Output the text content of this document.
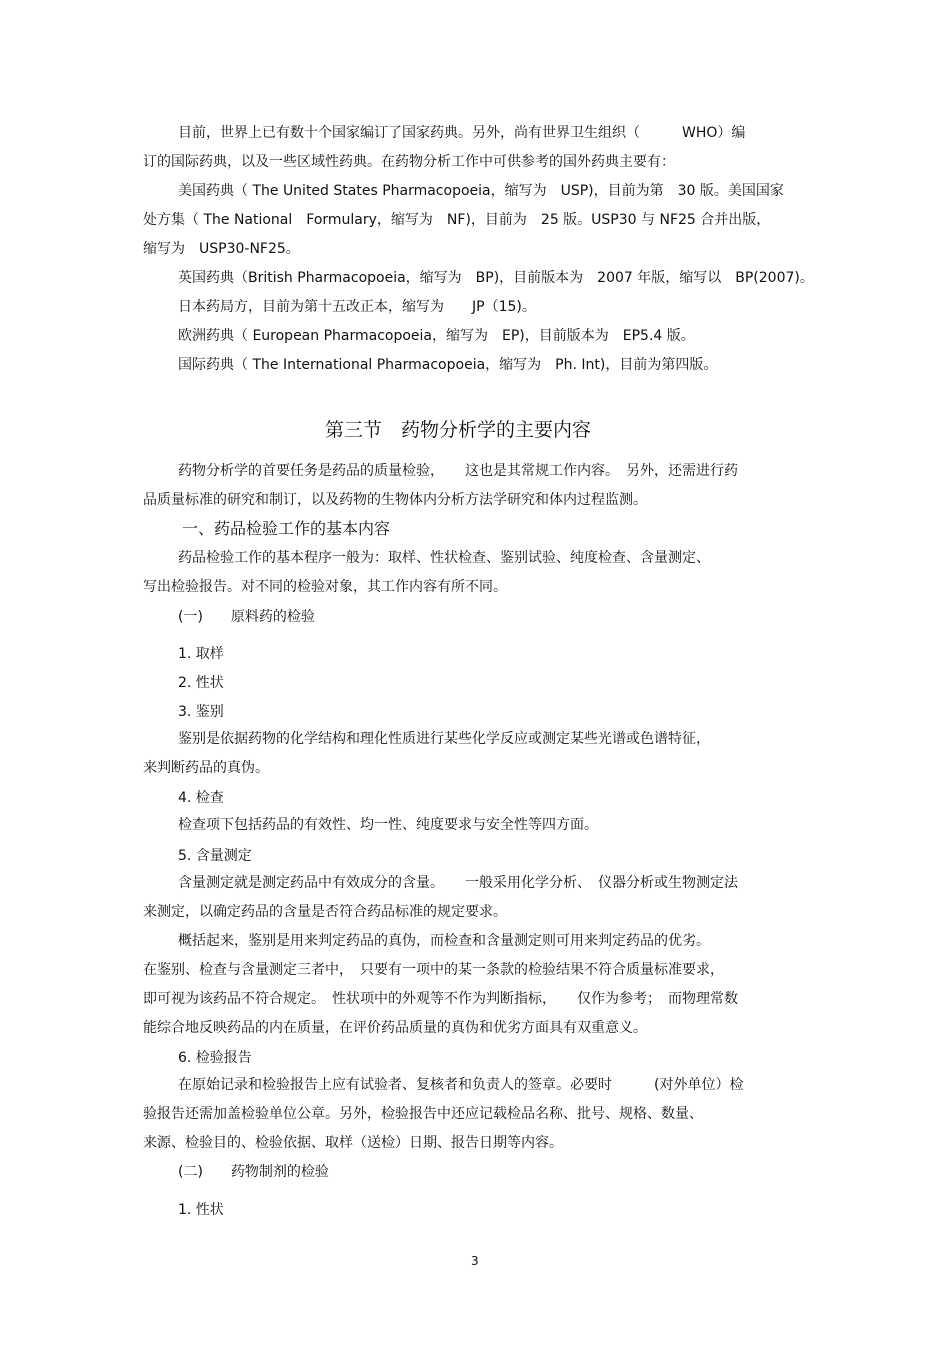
目前，世界上已有数十个国家编订了国家药典。另外，尚有世界卫生组织（　　　WHO）编
订的国际药典，以及一些区域性药典。在药物分析工作中可供参考的国外药典主要有：
美国药典（ The United States Pharmacopoeia，缩写为　USP)，目前为第　30 版。美国国家
处方集（ The National　Formulary，缩写为　NF)，目前为　25 版。USP30 与 NF25 合并出版，
缩写为　USP30-NF25。
英国药典（British Pharmacopoeia，缩写为　BP)，目前版本为　2007 年版，缩写以　BP(2007)。
日本药局方，目前为第十五改正本，缩写为　　JP（15)。
欧洲药典（ European Pharmacopoeia，缩写为　EP)，目前版本为　EP5.4 版。
国际药典（ The International Pharmacopoeia，缩写为　Ph. Int)，目前为第四版。
第三节　药物分析学的主要内容
药物分析学的首要任务是药品的质量检验，　　这也是其常规工作内容。　另外，还需进行药
品质量标准的研究和制订，以及药物的生物体内分析方法学研究和体内过程监测。
一、药品检验工作的基本内容
药品检验工作的基本程序一般为：取样、性状检查、鉴别试验、纯度检查、含量测定、
写出检验报告。对不同的检验对象，其工作内容有所不同。
(一)　　原料药的检验
1. 取样
2. 性状
3. 鉴别
鉴别是依据药物的化学结构和理化性质进行某些化学反应或测定某些光谱或色谱特征，
来判断药品的真伪。
4. 检查
检查项下包括药品的有效性、均一性、纯度要求与安全性等四方面。
5. 含量测定
含量测定就是测定药品中有效成分的含量。　　一般采用化学分析、　仪器分析或生物测定法
来测定，以确定药品的含量是否符合药品标准的规定要求。
概括起来，鉴别是用来判定药品的真伪，而检查和含量测定则可用来判定药品的优劣。
在鉴别、检查与含量测定三者中，　只要有一项中的某一条款的检验结果不符合质量标准要求，
即可视为该药品不符合规定。　性状项中的外观等不作为判断指标，　　仅作为参考；　而物理常数
能综合地反映药品的内在质量，在评价药品质量的真伪和优劣方面具有双重意义。
6. 检验报告
在原始记录和检验报告上应有试验者、复核者和负责人的签章。必要时　　　(对外单位）检
验报告还需加盖检验单位公章。另外，检验报告中还应记载检品名称、批号、规格、数量、
来源、检验目的、检验依据、取样（送检）日期、报告日期等内容。
(二)　　药物制剂的检验
1. 性状
3
